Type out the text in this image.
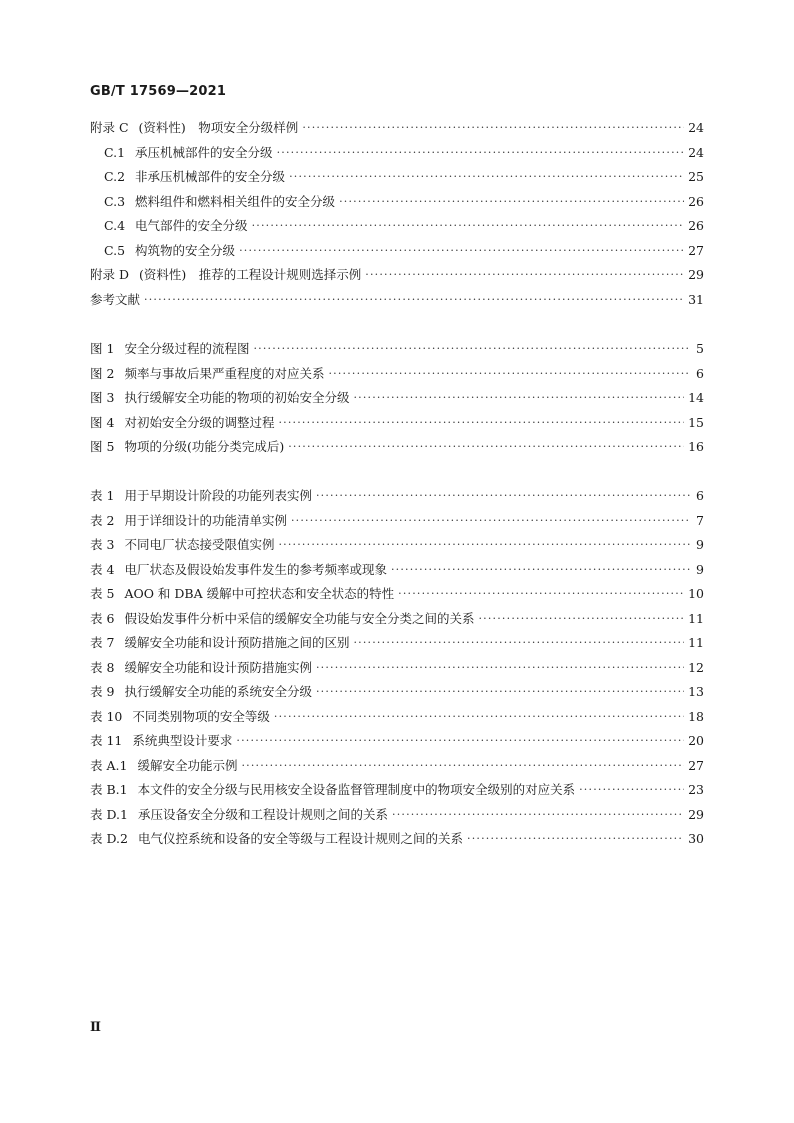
GB/T 17569—2021
附录 C (资料性)　物项安全分级样例 ·····	24
C.1 承压机械部件的安全分级 ·····	24
C.2 非承压机械部件的安全分级 ·····	25
C.3 燃料组件和燃料相关组件的安全分级 ·····	26
C.4 电气部件的安全分级 ·····	26
C.5 构筑物的安全分级 ·····	27
附录 D (资料性)　推荐的工程设计规则选择示例 ·····	29
参考文献 ·····	31
图 1 安全分级过程的流程图 ·····	5
图 2 频率与事故后果严重程度的对应关系 ·····	6
图 3 执行缓解安全功能的物项的初始安全分级 ·····	14
图 4 对初始安全分级的调整过程 ·····	15
图 5 物项的分级(功能分类完成后) ·····	16
表 1 用于早期设计阶段的功能列表实例 ·····	6
表 2 用于详细设计的功能清单实例 ·····	7
表 3 不同电厂状态接受限值实例 ·····	9
表 4 电厂状态及假设始发事件发生的参考频率或现象 ·····	9
表 5 AOO 和 DBA 缓解中可控状态和安全状态的特性 ·····	10
表 6 假设始发事件分析中采信的缓解安全功能与安全分类之间的关系 ·····	11
表 7 缓解安全功能和设计预防措施之间的区别 ·····	11
表 8 缓解安全功能和设计预防措施实例 ·····	12
表 9 执行缓解安全功能的系统安全分级 ·····	13
表 10 不同类别物项的安全等级 ·····	18
表 11 系统典型设计要求 ·····	20
表 A.1 缓解安全功能示例 ·····	27
表 B.1 本文件的安全分级与民用核安全设备监督管理制度中的物项安全级别的对应关系 ·····	23
表 D.1 承压设备安全分级和工程设计规则之间的关系 ·····	29
表 D.2 电气仪控系统和设备的安全等级与工程设计规则之间的关系 ·····	30
Ⅱ
